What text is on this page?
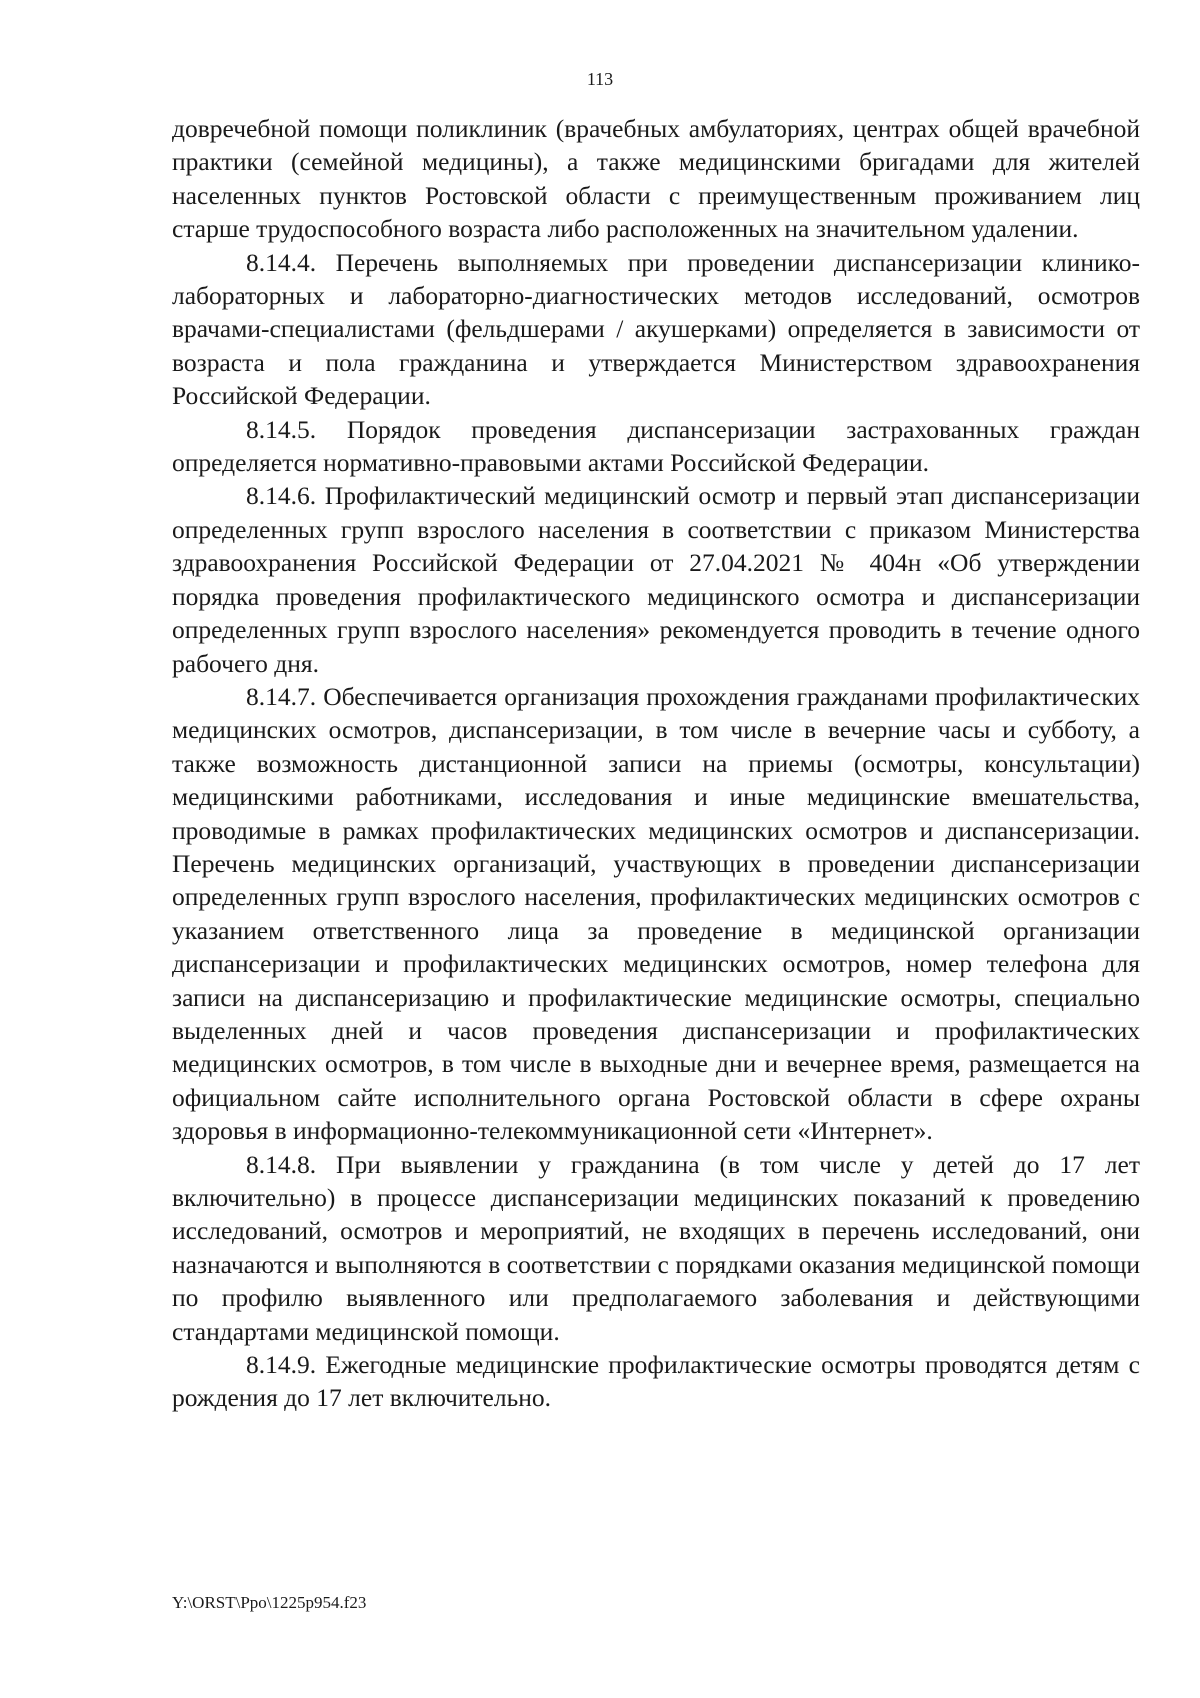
113

довречебной помощи поликлиник (врачебных амбулаториях, центрах общей врачебной практики (семейной медицины), а также медицинскими бригадами для жителей населенных пунктов Ростовской области с преимущественным проживанием лиц старше трудоспособного возраста либо расположенных на значительном удалении.

8.14.4. Перечень выполняемых при проведении диспансеризации клинико-лабораторных и лабораторно-диагностических методов исследований, осмотров врачами-специалистами (фельдшерами / акушерками) определяется в зависимости от возраста и пола гражданина и утверждается Министерством здравоохранения Российской Федерации.

8.14.5. Порядок проведения диспансеризации застрахованных граждан определяется нормативно-правовыми актами Российской Федерации.

8.14.6. Профилактический медицинский осмотр и первый этап диспансеризации определенных групп взрослого населения в соответствии с приказом Министерства здравоохранения Российской Федерации от 27.04.2021 № 404н «Об утверждении порядка проведения профилактического медицинского осмотра и диспансеризации определенных групп взрослого населения» рекомендуется проводить в течение одного рабочего дня.

8.14.7. Обеспечивается организация прохождения гражданами профилактических медицинских осмотров, диспансеризации, в том числе в вечерние часы и субботу, а также возможность дистанционной записи на приемы (осмотры, консультации) медицинскими работниками, исследования и иные медицинские вмешательства, проводимые в рамках профилактических медицинских осмотров и диспансеризации. Перечень медицинских организаций, участвующих в проведении диспансеризации определенных групп взрослого населения, профилактических медицинских осмотров с указанием ответственного лица за проведение в медицинской организации диспансеризации и профилактических медицинских осмотров, номер телефона для записи на диспансеризацию и профилактические медицинские осмотры, специально выделенных дней и часов проведения диспансеризации и профилактических медицинских осмотров, в том числе в выходные дни и вечернее время, размещается на официальном сайте исполнительного органа Ростовской области в сфере охраны здоровья в информационно-телекоммуникационной сети «Интернет».

8.14.8. При выявлении у гражданина (в том числе у детей до 17 лет включительно) в процессе диспансеризации медицинских показаний к проведению исследований, осмотров и мероприятий, не входящих в перечень исследований, они назначаются и выполняются в соответствии с порядками оказания медицинской помощи по профилю выявленного или предполагаемого заболевания и действующими стандартами медицинской помощи.

8.14.9. Ежегодные медицинские профилактические осмотры проводятся детям с рождения до 17 лет включительно.

Y:\ORST\Ppo\1225p954.f23
